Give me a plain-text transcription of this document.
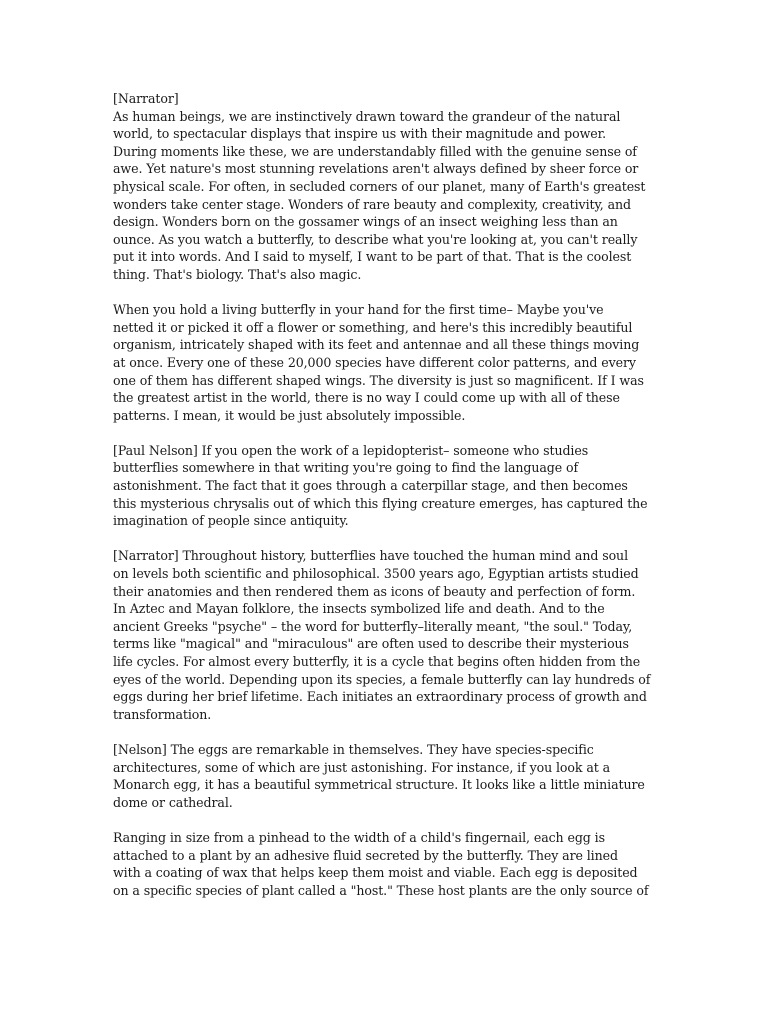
[Narrator]
As human beings, we are instinctively drawn toward the grandeur of the natural
world, to spectacular displays that inspire us with their magnitude and power.
During moments like these, we are understandably filled with the genuine sense of
awe. Yet nature's most stunning revelations aren't always defined by sheer force or
physical scale. For often, in secluded corners of our planet, many of Earth's greatest
wonders take center stage. Wonders of rare beauty and complexity, creativity, and
design. Wonders born on the gossamer wings of an insect weighing less than an
ounce. As you watch a butterfly, to describe what you're looking at, you can't really
put it into words. And I said to myself, I want to be part of that. That is the coolest
thing. That's biology. That's also magic.
When you hold a living butterfly in your hand for the first time– Maybe you've
netted it or picked it off a flower or something, and here's this incredibly beautiful
organism, intricately shaped with its feet and antennae and all these things moving
at once. Every one of these 20,000 species have different color patterns, and every
one of them has different shaped wings. The diversity is just so magnificent. If I was
the greatest artist in the world, there is no way I could come up with all of these
patterns. I mean, it would be just absolutely impossible.
[Paul Nelson] If you open the work of a lepidopterist– someone who studies
butterflies somewhere in that writing you're going to find the language of
astonishment. The fact that it goes through a caterpillar stage, and then becomes
this mysterious chrysalis out of which this flying creature emerges, has captured the
imagination of people since antiquity.
[Narrator] Throughout history, butterflies have touched the human mind and soul
on levels both scientific and philosophical. 3500 years ago, Egyptian artists studied
their anatomies and then rendered them as icons of beauty and perfection of form.
In Aztec and Mayan folklore, the insects symbolized life and death. And to the
ancient Greeks "psyche" – the word for butterfly–literally meant, "the soul." Today,
terms like "magical" and "miraculous" are often used to describe their mysterious
life cycles. For almost every butterfly, it is a cycle that begins often hidden from the
eyes of the world. Depending upon its species, a female butterfly can lay hundreds of
eggs during her brief lifetime. Each initiates an extraordinary process of growth and
transformation.
[Nelson] The eggs are remarkable in themselves. They have species-specific
architectures, some of which are just astonishing. For instance, if you look at a
Monarch egg, it has a beautiful symmetrical structure. It looks like a little miniature
dome or cathedral.
Ranging in size from a pinhead to the width of a child's fingernail, each egg is
attached to a plant by an adhesive fluid secreted by the butterfly. They are lined
with a coating of wax that helps keep them moist and viable. Each egg is deposited
on a specific species of plant called a "host." These host plants are the only source of
